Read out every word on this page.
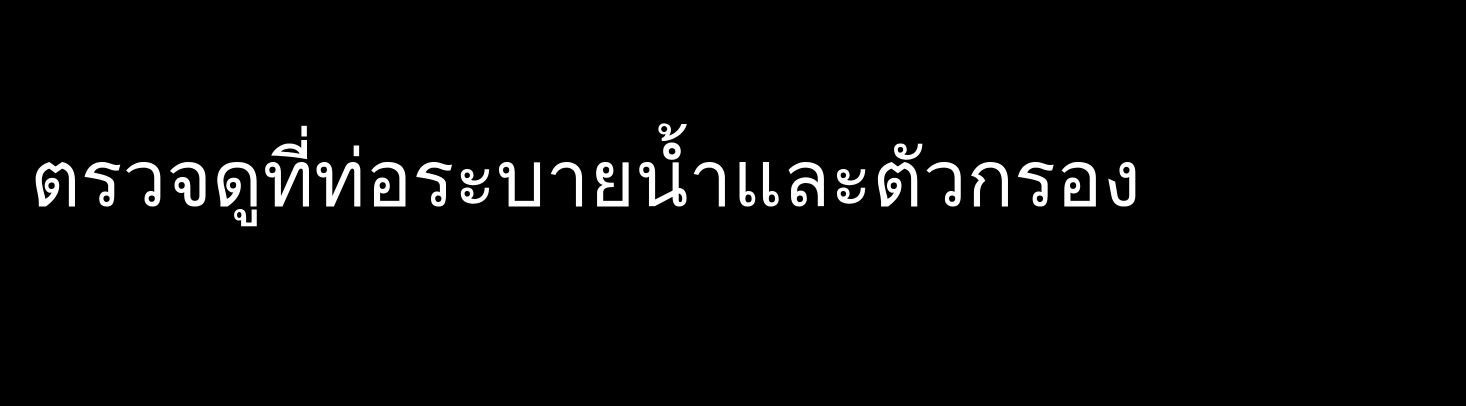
ตรวจดูที่ท่อระบายน้ำและตัวกรอง
